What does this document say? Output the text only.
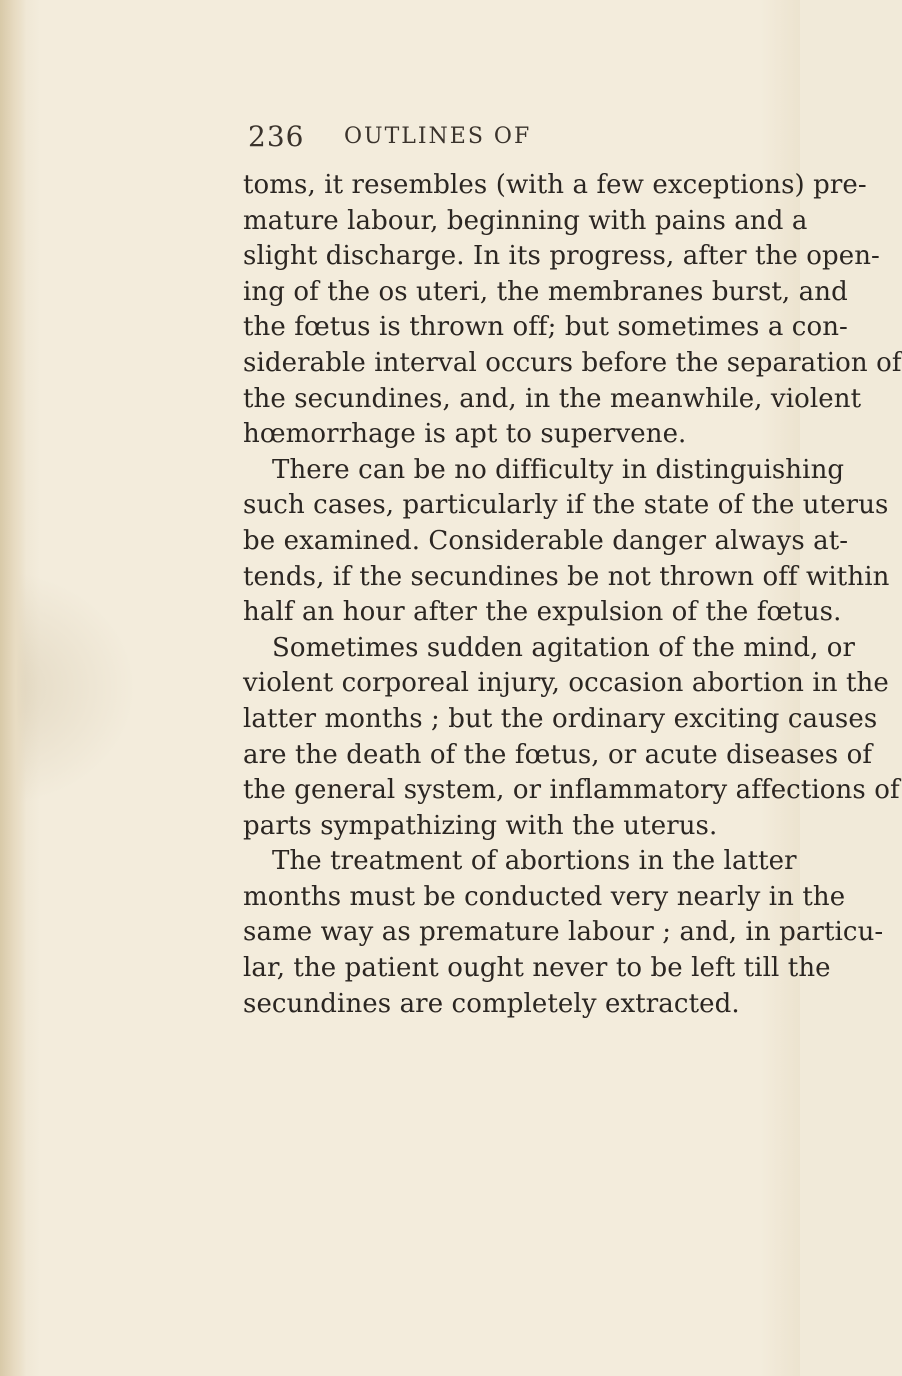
236 OUTLINES OF
toms, it resembles (with a few exceptions) pre-
mature labour, beginning with pains and a
slight discharge. In its progress, after the open-
ing of the os uteri, the membranes burst, and
the fœtus is thrown off; but sometimes a con-
siderable interval occurs before the separation of
the secundines, and, in the meanwhile, violent
hœmorrhage is apt to supervene.
There can be no difficulty in distinguishing
such cases, particularly if the state of the uterus
be examined. Considerable danger always at-
tends, if the secundines be not thrown off within
half an hour after the expulsion of the fœtus.
Sometimes sudden agitation of the mind, or
violent corporeal injury, occasion abortion in the
latter months ; but the ordinary exciting causes
are the death of the fœtus, or acute diseases of
the general system, or inflammatory affections of
parts sympathizing with the uterus.
The treatment of abortions in the latter
months must be conducted very nearly in the
same way as premature labour ; and, in particu-
lar, the patient ought never to be left till the
secundines are completely extracted.
